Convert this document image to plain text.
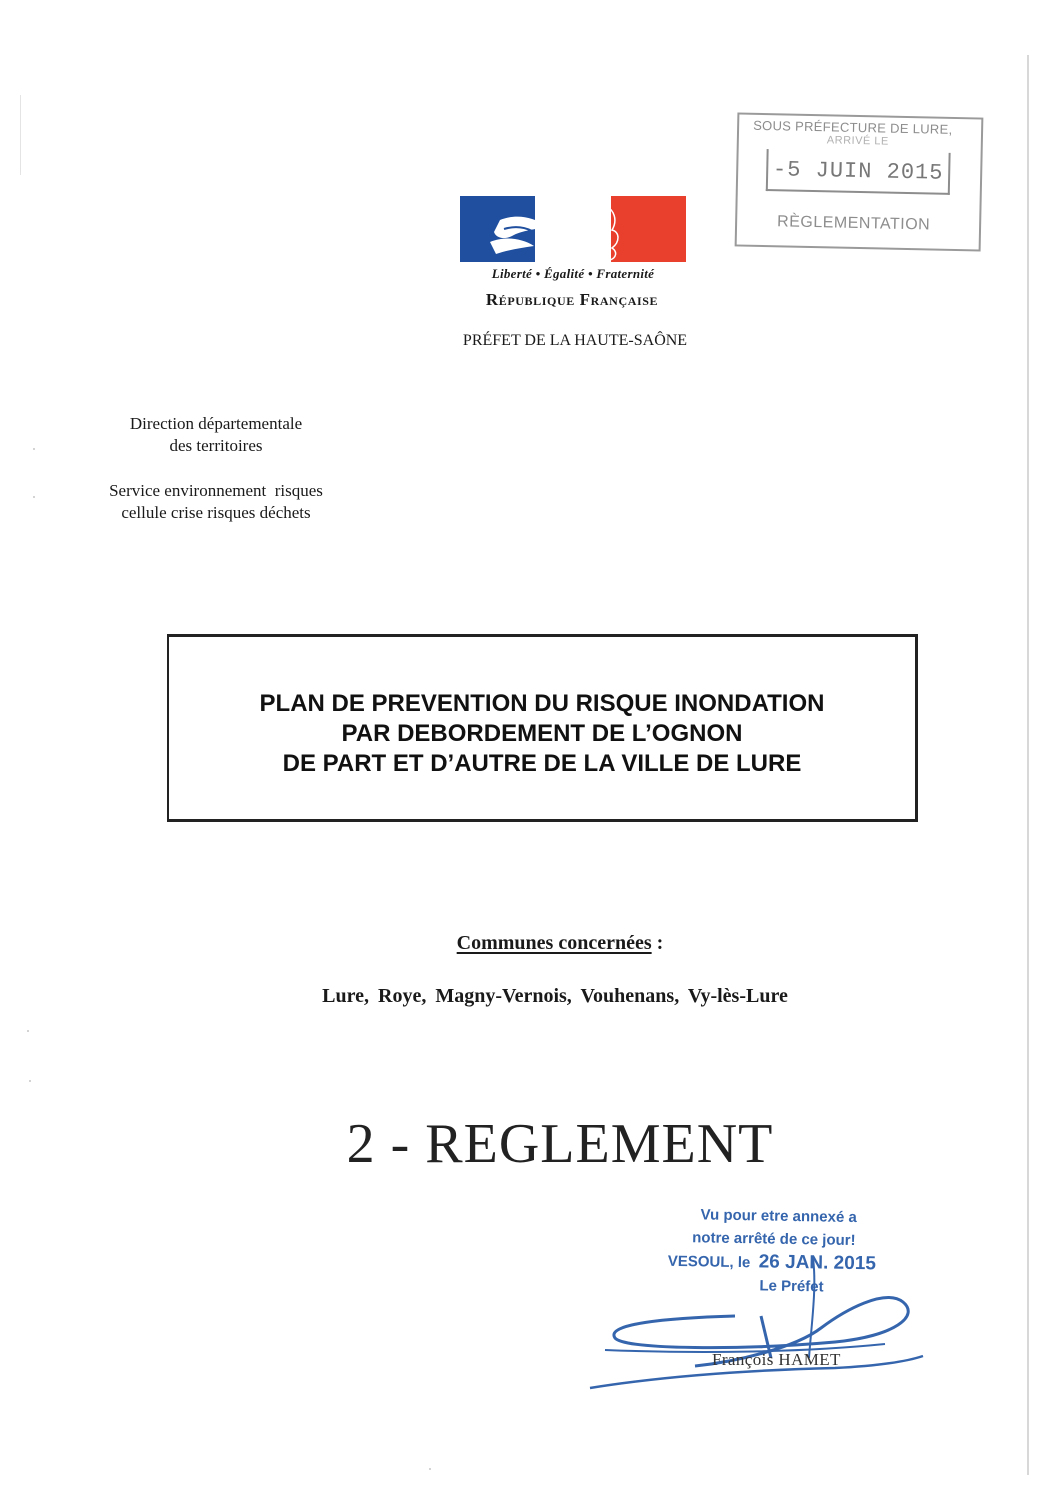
SOUS PRÉFECTURE DE LURE,
ARRIVÉ LE
-5 JUIN 2015
RÈGLEMENTATION
Liberté • Égalité • Fraternité
République Française
PRÉFET DE LA HAUTE-SAÔNE
Direction départementale
des territoires
Service environnement  risques
cellule crise risques déchets
PLAN DE PREVENTION DU RISQUE INONDATION
PAR DEBORDEMENT DE L’OGNON
DE PART ET D’AUTRE DE LA VILLE DE LURE
Communes concernées :
Lure, Roye, Magny-Vernois, Vouhenans, Vy-lès-Lure
2 - REGLEMENT
Vu pour etre annexé a
notre arrêté de ce jour!
VESOUL, le 26 JAN. 2015
Le Préfet
François HAMET
